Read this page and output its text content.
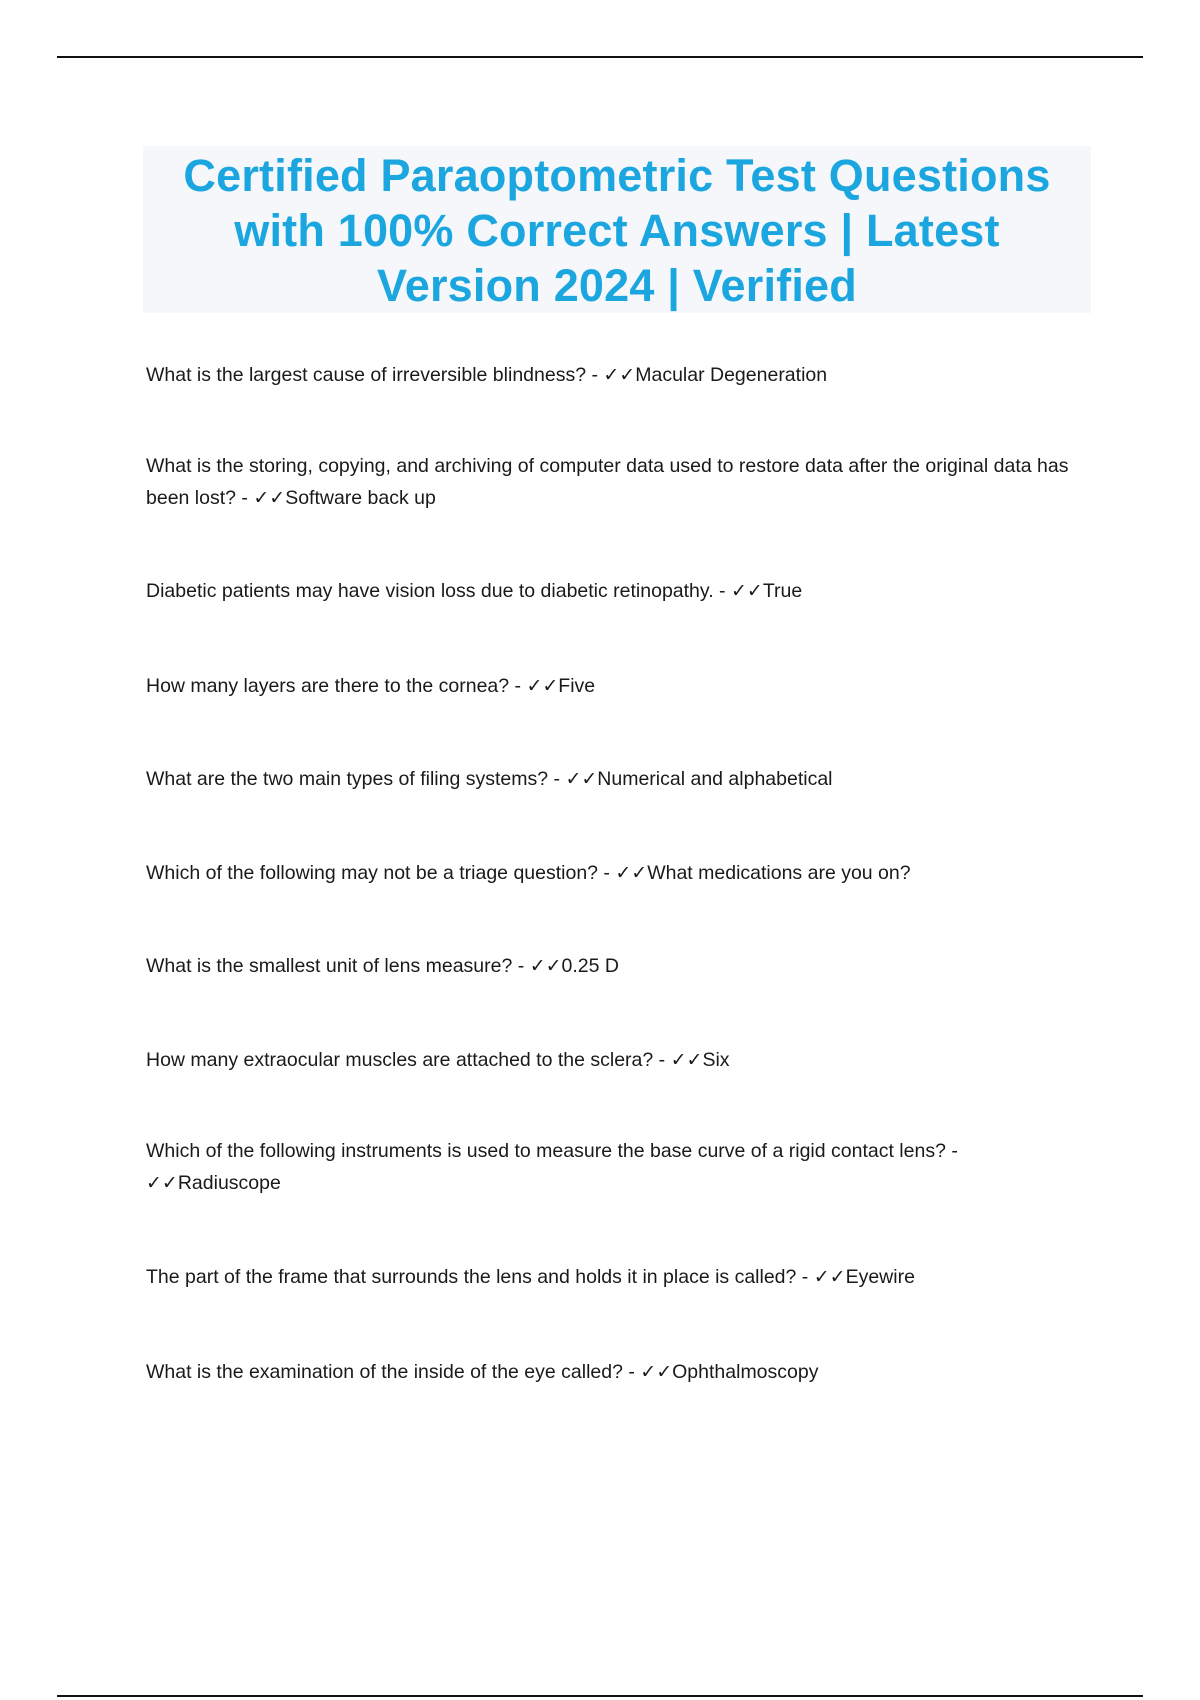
Certified Paraoptometric Test Questions with 100% Correct Answers | Latest Version 2024 | Verified

What is the largest cause of irreversible blindness? - ✓✓Macular Degeneration

What is the storing, copying, and archiving of computer data used to restore data after the original data has been lost? - ✓✓Software back up

Diabetic patients may have vision loss due to diabetic retinopathy. - ✓✓True

How many layers are there to the cornea? - ✓✓Five

What are the two main types of filing systems? - ✓✓Numerical and alphabetical

Which of the following may not be a triage question? - ✓✓What medications are you on?

What is the smallest unit of lens measure? - ✓✓0.25 D

How many extraocular muscles are attached to the sclera? - ✓✓Six

Which of the following instruments is used to measure the base curve of a rigid contact lens? - ✓✓Radiuscope

The part of the frame that surrounds the lens and holds it in place is called? - ✓✓Eyewire

What is the examination of the inside of the eye called? - ✓✓Ophthalmoscopy
